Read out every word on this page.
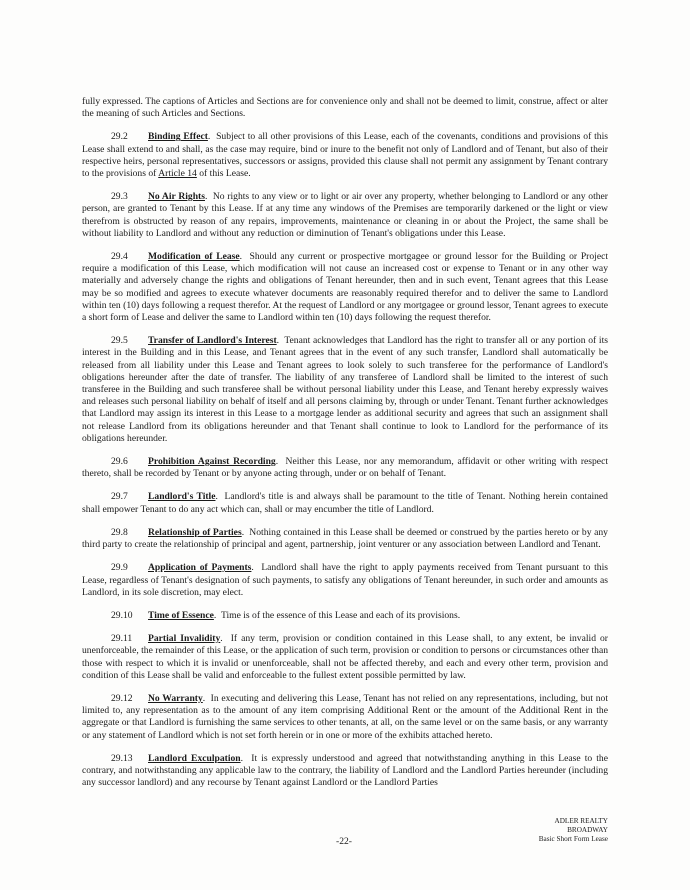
fully expressed. The captions of Articles and Sections are for convenience only and shall not be deemed to limit, construe, affect or alter the meaning of such Articles and Sections.

29.2 Binding Effect.  Subject to all other provisions of this Lease, each of the covenants, conditions and provisions of this Lease shall extend to and shall, as the case may require, bind or inure to the benefit not only of Landlord and of Tenant, but also of their respective heirs, personal representatives, successors or assigns, provided this clause shall not permit any assignment by Tenant contrary to the provisions of Article 14 of this Lease.

29.3 No Air Rights.  No rights to any view or to light or air over any property, whether belonging to Landlord or any other person, are granted to Tenant by this Lease. If at any time any windows of the Premises are temporarily darkened or the light or view therefrom is obstructed by reason of any repairs, improvements, maintenance or cleaning in or about the Project, the same shall be without liability to Landlord and without any reduction or diminution of Tenant's obligations under this Lease.

29.4 Modification of Lease.  Should any current or prospective mortgagee or ground lessor for the Building or Project require a modification of this Lease, which modification will not cause an increased cost or expense to Tenant or in any other way materially and adversely change the rights and obligations of Tenant hereunder, then and in such event, Tenant agrees that this Lease may be so modified and agrees to execute whatever documents are reasonably required therefor and to deliver the same to Landlord within ten (10) days following a request therefor. At the request of Landlord or any mortgagee or ground lessor, Tenant agrees to execute a short form of Lease and deliver the same to Landlord within ten (10) days following the request therefor.

29.5 Transfer of Landlord's Interest.  Tenant acknowledges that Landlord has the right to transfer all or any portion of its interest in the Building and in this Lease, and Tenant agrees that in the event of any such transfer, Landlord shall automatically be released from all liability under this Lease and Tenant agrees to look solely to such transferee for the performance of Landlord's obligations hereunder after the date of transfer. The liability of any transferee of Landlord shall be limited to the interest of such transferee in the Building and such transferee shall be without personal liability under this Lease, and Tenant hereby expressly waives and releases such personal liability on behalf of itself and all persons claiming by, through or under Tenant. Tenant further acknowledges that Landlord may assign its interest in this Lease to a mortgage lender as additional security and agrees that such an assignment shall not release Landlord from its obligations hereunder and that Tenant shall continue to look to Landlord for the performance of its obligations hereunder.

29.6 Prohibition Against Recording.  Neither this Lease, nor any memorandum, affidavit or other writing with respect thereto, shall be recorded by Tenant or by anyone acting through, under or on behalf of Tenant.

29.7 Landlord's Title.  Landlord's title is and always shall be paramount to the title of Tenant. Nothing herein contained shall empower Tenant to do any act which can, shall or may encumber the title of Landlord.

29.8 Relationship of Parties.  Nothing contained in this Lease shall be deemed or construed by the parties hereto or by any third party to create the relationship of principal and agent, partnership, joint venturer or any association between Landlord and Tenant.

29.9 Application of Payments.  Landlord shall have the right to apply payments received from Tenant pursuant to this Lease, regardless of Tenant's designation of such payments, to satisfy any obligations of Tenant hereunder, in such order and amounts as Landlord, in its sole discretion, may elect.

29.10 Time of Essence.  Time is of the essence of this Lease and each of its provisions.

29.11 Partial Invalidity.  If any term, provision or condition contained in this Lease shall, to any extent, be invalid or unenforceable, the remainder of this Lease, or the application of such term, provision or condition to persons or circumstances other than those with respect to which it is invalid or unenforceable, shall not be affected thereby, and each and every other term, provision and condition of this Lease shall be valid and enforceable to the fullest extent possible permitted by law.

29.12 No Warranty.  In executing and delivering this Lease, Tenant has not relied on any representations, including, but not limited to, any representation as to the amount of any item comprising Additional Rent or the amount of the Additional Rent in the aggregate or that Landlord is furnishing the same services to other tenants, at all, on the same level or on the same basis, or any warranty or any statement of Landlord which is not set forth herein or in one or more of the exhibits attached hereto.

29.13 Landlord Exculpation.  It is expressly understood and agreed that notwithstanding anything in this Lease to the contrary, and notwithstanding any applicable law to the contrary, the liability of Landlord and the Landlord Parties hereunder (including any successor landlord) and any recourse by Tenant against Landlord or the Landlord Parties

-22-
ADLER REALTY
BROADWAY
Basic Short Form Lease
